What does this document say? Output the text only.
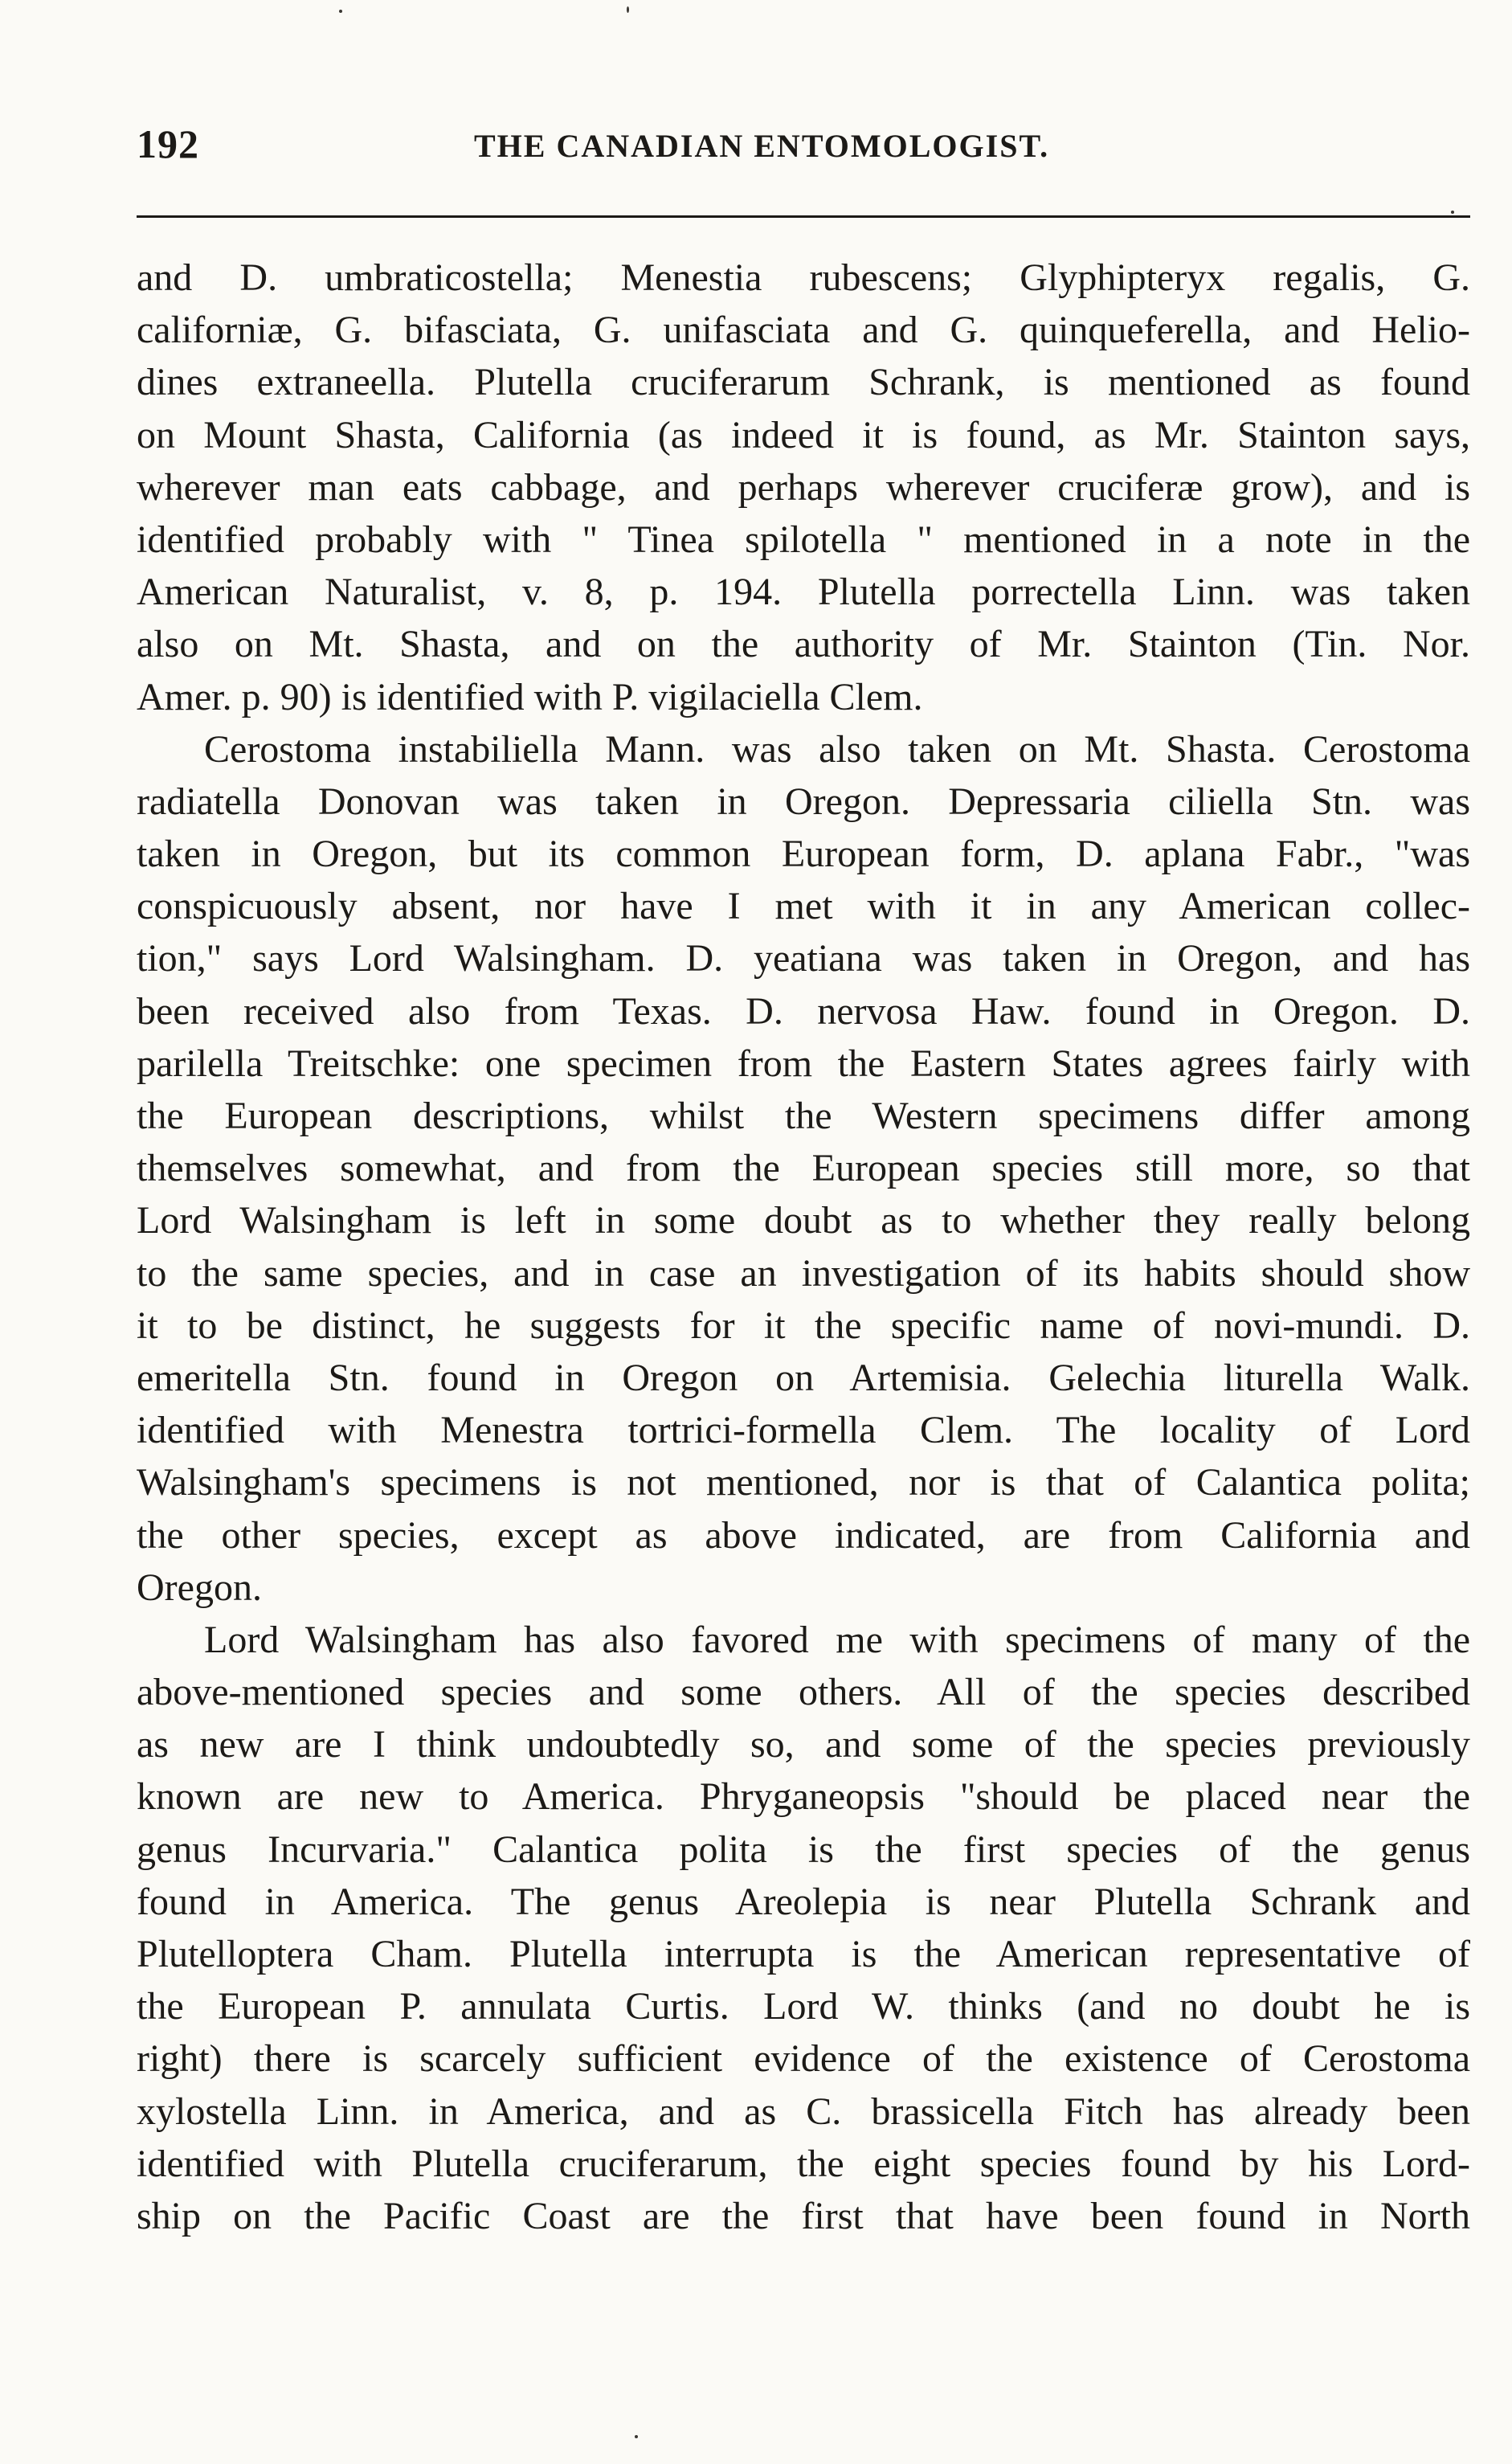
192	THE CANADIAN ENTOMOLOGIST.
and D. umbraticostella; Menestia rubescens; Glyphipteryx regalis, G.
californiæ, G. bifasciata, G. unifasciata and G. quinqueferella, and Helio-
dines extraneella. Plutella cruciferarum Schrank, is mentioned as found
on Mount Shasta, California (as indeed it is found, as Mr. Stainton says,
wherever man eats cabbage, and perhaps wherever cruciferæ grow), and is
identified probably with " Tinea spilotella " mentioned in a note in the
American Naturalist, v. 8, p. 194. Plutella porrectella Linn. was taken
also on Mt. Shasta, and on the authority of Mr. Stainton (Tin. Nor.
Amer. p. 90) is identified with P. vigilaciella Clem.
Cerostoma instabiliella Mann. was also taken on Mt. Shasta. Cerostoma
radiatella Donovan was taken in Oregon. Depressaria ciliella Stn. was
taken in Oregon, but its common European form, D. aplana Fabr., "was
conspicuously absent, nor have I met with it in any American collec-
tion," says Lord Walsingham. D. yeatiana was taken in Oregon, and has
been received also from Texas. D. nervosa Haw. found in Oregon. D.
parilella Treitschke: one specimen from the Eastern States agrees fairly with
the European descriptions, whilst the Western specimens differ among
themselves somewhat, and from the European species still more, so that
Lord Walsingham is left in some doubt as to whether they really belong
to the same species, and in case an investigation of its habits should show
it to be distinct, he suggests for it the specific name of novi-mundi. D.
emeritella Stn. found in Oregon on Artemisia. Gelechia liturella Walk.
identified with Menestra tortrici-formella Clem. The locality of Lord
Walsingham's specimens is not mentioned, nor is that of Calantica polita;
the other species, except as above indicated, are from California and
Oregon.
Lord Walsingham has also favored me with specimens of many of the
above-mentioned species and some others. All of the species described
as new are I think undoubtedly so, and some of the species previously
known are new to America. Phryganeopsis "should be placed near the
genus Incurvaria." Calantica polita is the first species of the genus
found in America. The genus Areolepia is near Plutella Schrank and
Plutelloptera Cham. Plutella interrupta is the American representative of
the European P. annulata Curtis. Lord W. thinks (and no doubt he is
right) there is scarcely sufficient evidence of the existence of Cerostoma
xylostella Linn. in America, and as C. brassicella Fitch has already been
identified with Plutella cruciferarum, the eight species found by his Lord-
ship on the Pacific Coast are the first that have been found in North
